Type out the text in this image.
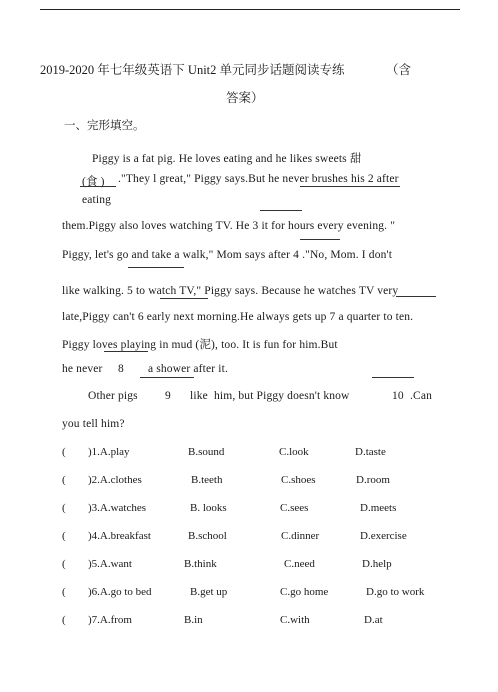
2019-2020 年七年级英语下 Unit2 单元同步话题阅读专练	（含
答案）
一、完形填空。
Piggy is a fat pig. He loves eating and he likes sweets 甜
(食 ) ."They l great," Piggy says.But he never brushes his 2 after
eating
them.Piggy also loves watching TV. He 3 it for hours every evening. "
Piggy, let's go and take a walk," Mom says after 4 ."No, Mom. I don't
like walking. 5 to watch TV," Piggy says. Because he watches TV very
late,Piggy can't 6 early next morning.He always gets up 7 a quarter to ten.
Piggy loves playing in mud (泥), too. It is fun for him.But
he never 8 a shower after it.
Other pigs 9 like him, but Piggy doesn't know	10 .Can
you tell him?
( )1.A.play	B.sound	C.look	D.taste
( )2.A.clothes	B.teeth	C.shoes	D.room
( )3.A.watches	B. looks	C.sees	D.meets
( )4.A.breakfast	B.school	C.dinner	D.exercise
( )5.A.want	B.think	C.need	D.help
( )6.A.go to bed	B.get up	C.go home	D.go to work
( )7.A.from	B.in	C.with	D.at
